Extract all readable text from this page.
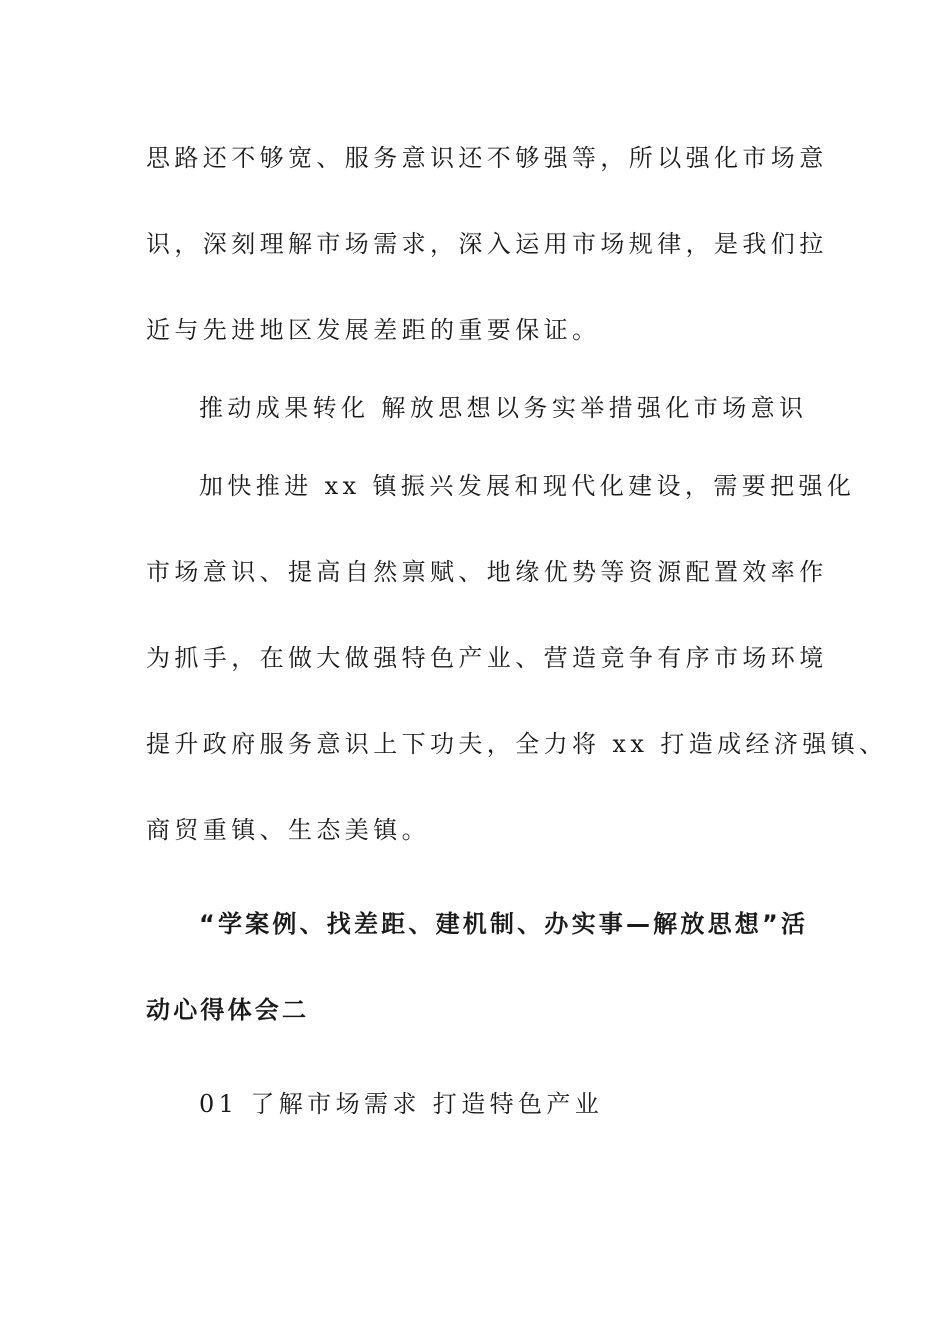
思路还不够宽、服务意识还不够强等，所以强化市场意
识，深刻理解市场需求，深入运用市场规律，是我们拉
近与先进地区发展差距的重要保证。
推动成果转化 解放思想以务实举措强化市场意识
加快推进 xx 镇振兴发展和现代化建设，需要把强化
市场意识、提高自然禀赋、地缘优势等资源配置效率作
为抓手，在做大做强特色产业、营造竞争有序市场环境
提升政府服务意识上下功夫，全力将 xx 打造成经济强镇、
商贸重镇、生态美镇。
“学案例、找差距、建机制、办实事—解放思想”活
动心得体会二
01 了解市场需求 打造特色产业
